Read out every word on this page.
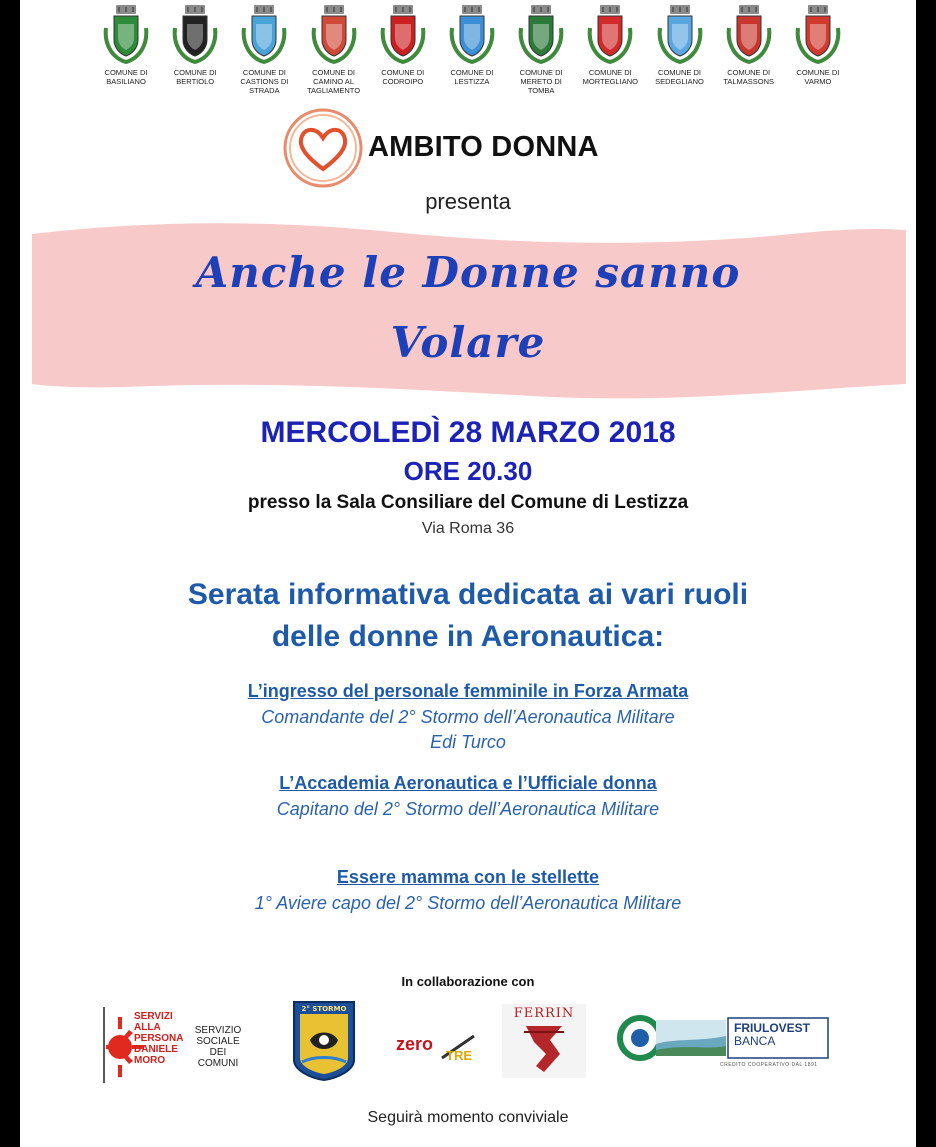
COMUNE DI BASILIANO
COMUNE DI BERTIOLO
COMUNE DI CASTIONS DI STRADA
COMUNE DI CAMINO AL TAGLIAMENTO
COMUNE DI CODROIPO
COMUNE DI LESTIZZA
COMUNE DI MERETO DI TOMBA
COMUNE DI MORTEGLIANO
COMUNE DI SEDEGLIANO
COMUNE DI TALMASSONS
COMUNE DI VARMO
AMBITO DONNA
presenta
Anche le Donne sanno
Volare
MERCOLEDÌ 28 MARZO 2018
ORE 20.30
presso la Sala Consiliare del Comune di Lestizza
Via Roma 36
Serata informativa dedicata ai vari ruoli
delle donne in Aeronautica:
L’ingresso del personale femminile in Forza Armata
Comandante del 2° Stormo dell’Aeronautica Militare
Edi Turco
L’Accademia Aeronautica e l’Ufficiale donna
Capitano del 2° Stormo dell’Aeronautica Militare
Essere mamma con le stellette
1° Aviere capo del 2° Stormo dell’Aeronautica Militare
In collaborazione con
SERVIZI
ALLA
PERSONA
DANIELE
MORO
SERVIZIO
SOCIALE
DEI
COMUNI
2° STORMO
zero
TRE
FERRIN
FRIULOVEST
BANCA
CREDITO COOPERATIVO DAL 1891
Seguirà momento conviviale
